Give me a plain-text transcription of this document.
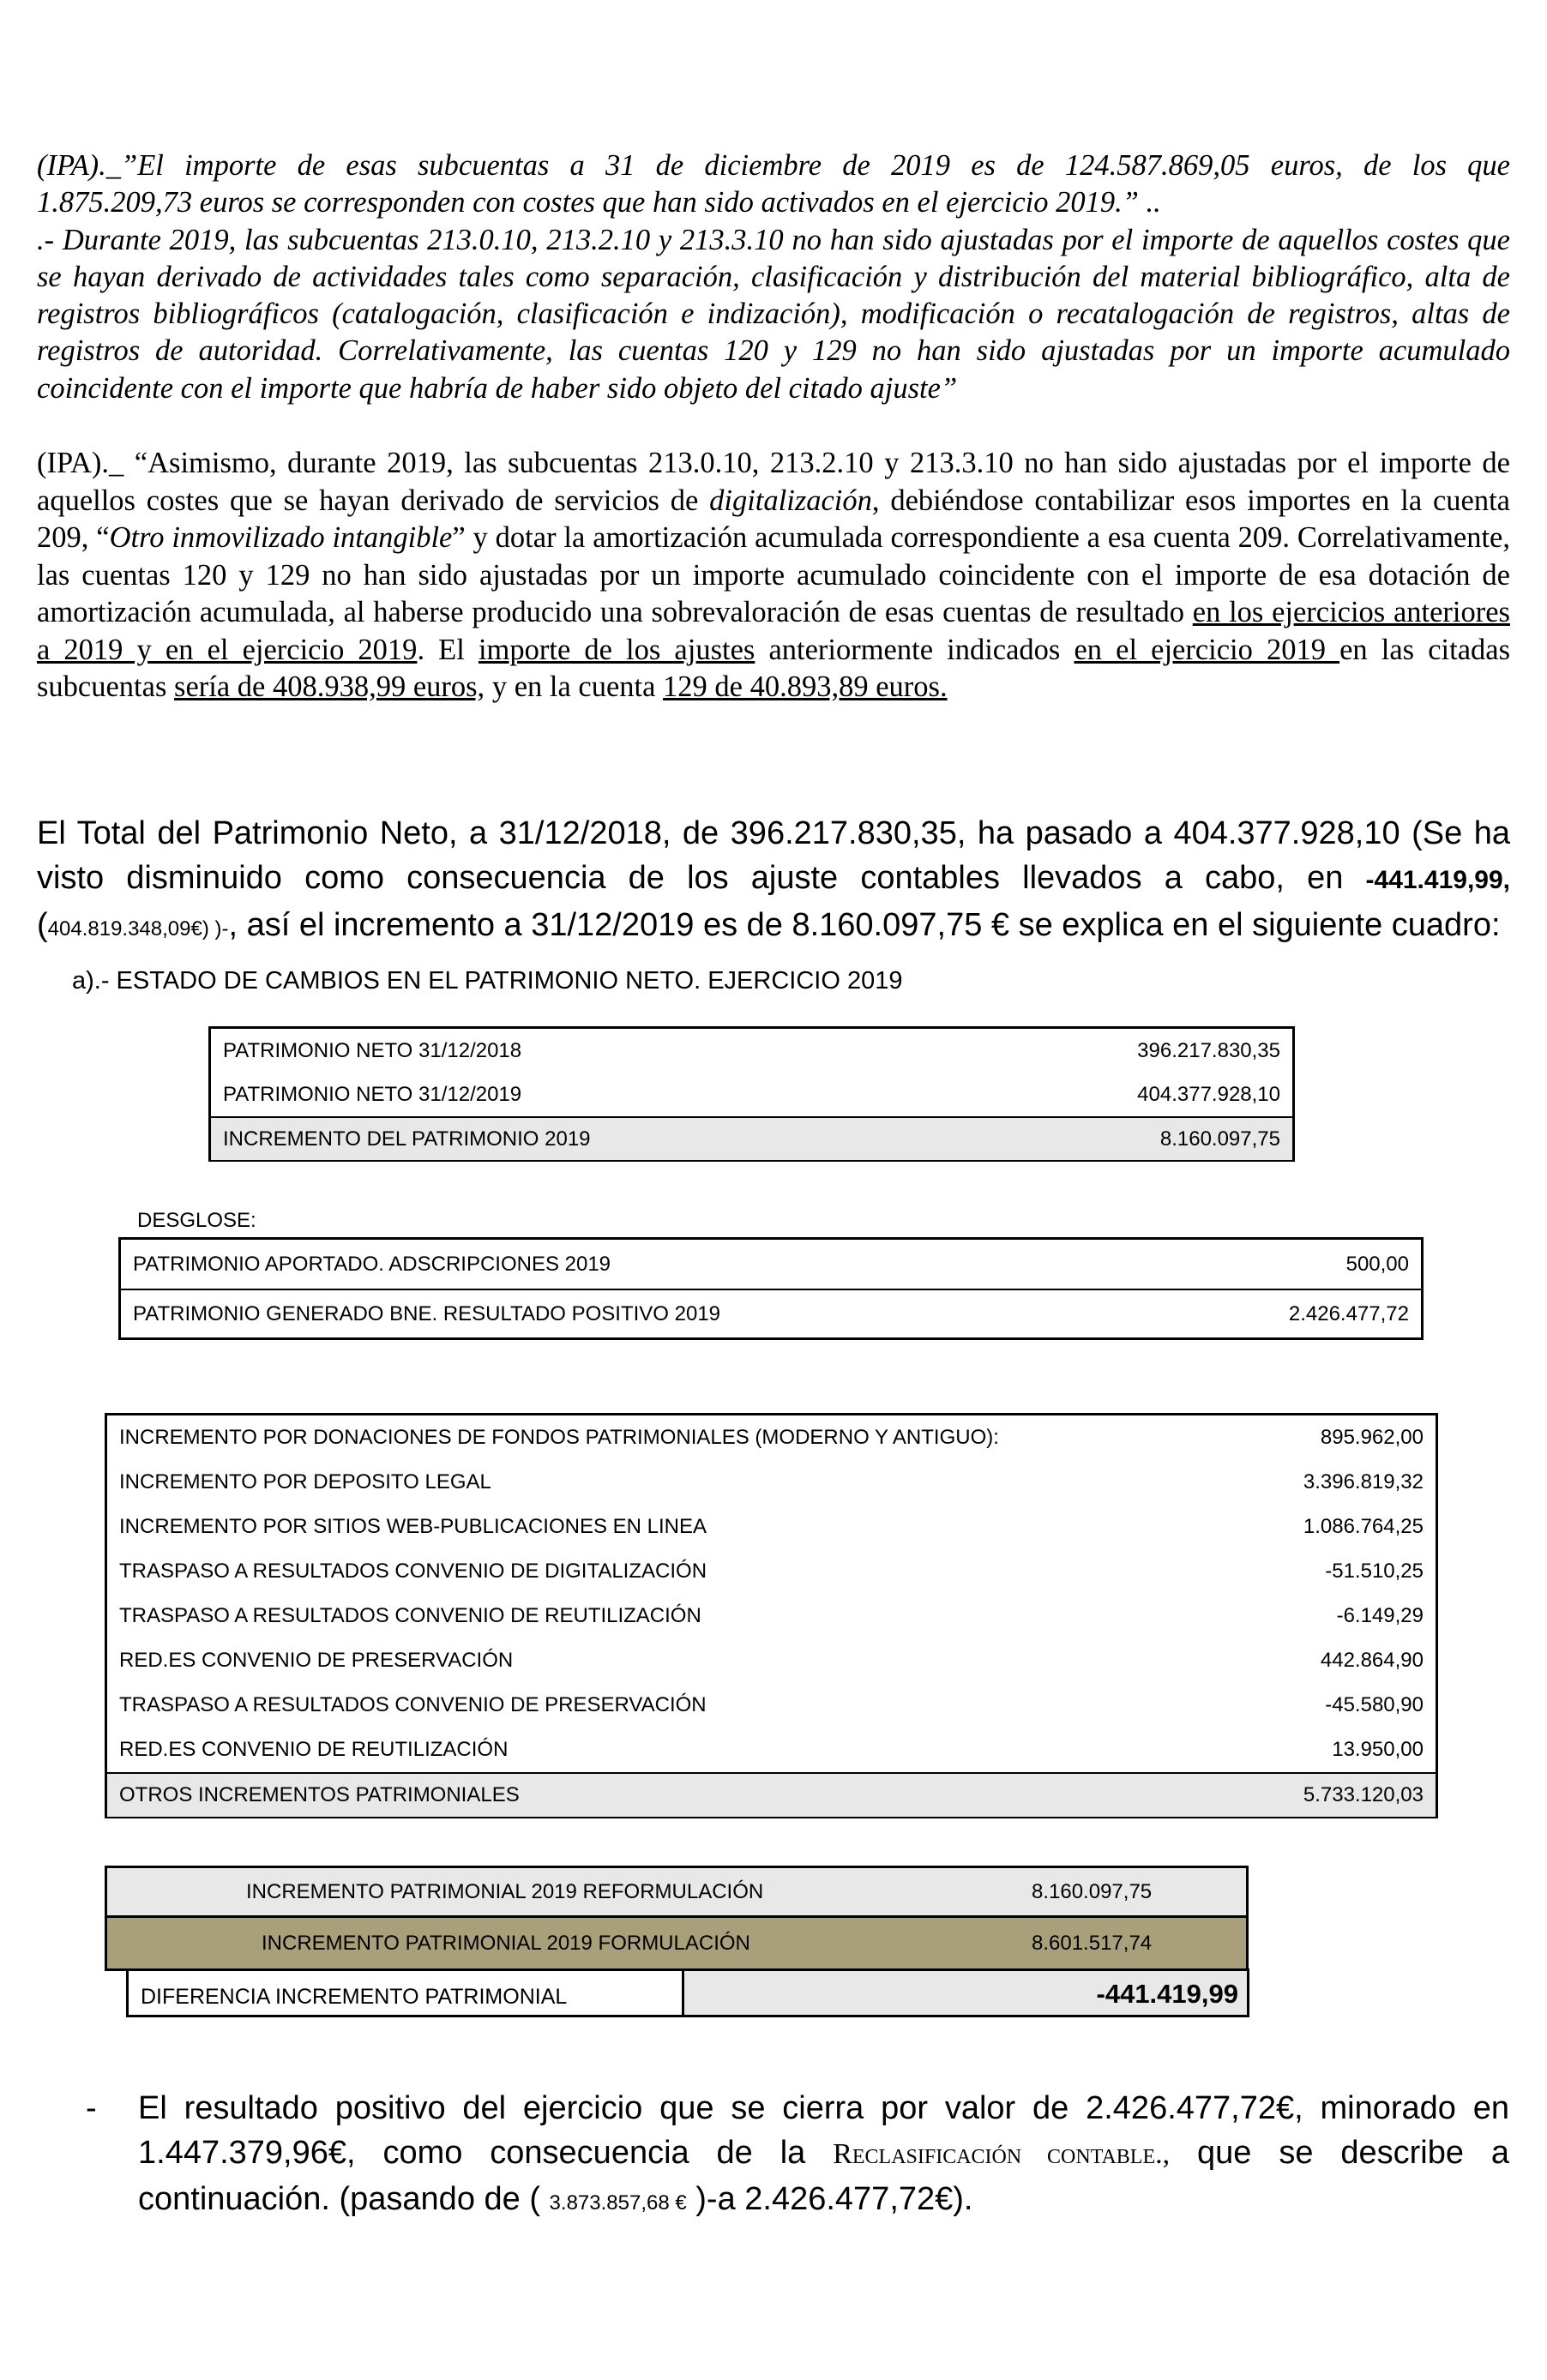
(IPA)._”El importe de esas subcuentas a 31 de diciembre de 2019 es de 124.587.869,05 euros, de los que
1.875.209,73 euros se corresponden con costes que han sido activados en el ejercicio 2019.” ..
.- Durante 2019, las subcuentas 213.0.10, 213.2.10 y 213.3.10 no han sido ajustadas por el importe de aquellos costes que se hayan derivado de actividades tales como separación, clasificación y distribución del material bibliográfico, alta de registros bibliográficos (catalogación, clasificación e indización), modificación o recatalogación de registros, altas de registros de autoridad. Correlativamente, las cuentas 120 y 129 no han sido ajustadas por un importe acumulado coincidente con el importe que habría de haber sido objeto del citado ajuste”
(IPA)._ “Asimismo, durante 2019, las subcuentas 213.0.10, 213.2.10 y 213.3.10 no han sido ajustadas por el importe de aquellos costes que se hayan derivado de servicios de digitalización, debiéndose contabilizar esos importes en la cuenta 209, “Otro inmovilizado intangible” y dotar la amortización acumulada correspondiente a esa cuenta 209. Correlativamente, las cuentas 120 y 129 no han sido ajustadas por un importe acumulado coincidente con el importe de esa dotación de amortización acumulada, al haberse producido una sobrevaloración de esas cuentas de resultado en los ejercicios anteriores a 2019 y en el ejercicio 2019. El importe de los ajustes anteriormente indicados en el ejercicio 2019 en las citadas subcuentas sería de 408.938,99 euros, y en la cuenta 129 de 40.893,89 euros.
El Total del Patrimonio Neto, a 31/12/2018, de 396.217.830,35, ha pasado a 404.377.928,10 (Se ha
visto disminuido como consecuencia de los ajuste contables llevados a cabo, en -441.419,99,
(404.819.348,09€) )-, así el incremento a 31/12/2019 es de 8.160.097,75 € se explica en el siguiente cuadro:
a).- ESTADO DE CAMBIOS EN EL PATRIMONIO NETO. EJERCICIO 2019
PATRIMONIO NETO 31/12/2018	396.217.830,35
PATRIMONIO NETO 31/12/2019	404.377.928,10
INCREMENTO DEL PATRIMONIO 2019	8.160.097,75
DESGLOSE:
PATRIMONIO APORTADO. ADSCRIPCIONES 2019	500,00
PATRIMONIO GENERADO BNE. RESULTADO POSITIVO 2019	2.426.477,72
INCREMENTO POR DONACIONES DE FONDOS PATRIMONIALES (MODERNO Y ANTIGUO):	895.962,00
INCREMENTO POR DEPOSITO LEGAL	3.396.819,32
INCREMENTO POR SITIOS WEB-PUBLICACIONES EN LINEA	1.086.764,25
TRASPASO A RESULTADOS CONVENIO DE DIGITALIZACIÓN	-51.510,25
TRASPASO A RESULTADOS CONVENIO DE REUTILIZACIÓN	-6.149,29
RED.ES CONVENIO DE PRESERVACIÓN	442.864,90
TRASPASO A RESULTADOS CONVENIO DE PRESERVACIÓN	-45.580,90
RED.ES CONVENIO DE REUTILIZACIÓN	13.950,00
OTROS INCREMENTOS PATRIMONIALES	5.733.120,03
INCREMENTO PATRIMONIAL 2019 REFORMULACIÓN	8.160.097,75
INCREMENTO PATRIMONIAL 2019 FORMULACIÓN	8.601.517,74
DIFERENCIA INCREMENTO PATRIMONIAL	-441.419,99
- El resultado positivo del ejercicio que se cierra por valor de 2.426.477,72€, minorado en
1.447.379,96€, como consecuencia de la Reclasificación contable., que se describe a
continuación. (pasando de ( 3.873.857,68 € )-a 2.426.477,72€).
